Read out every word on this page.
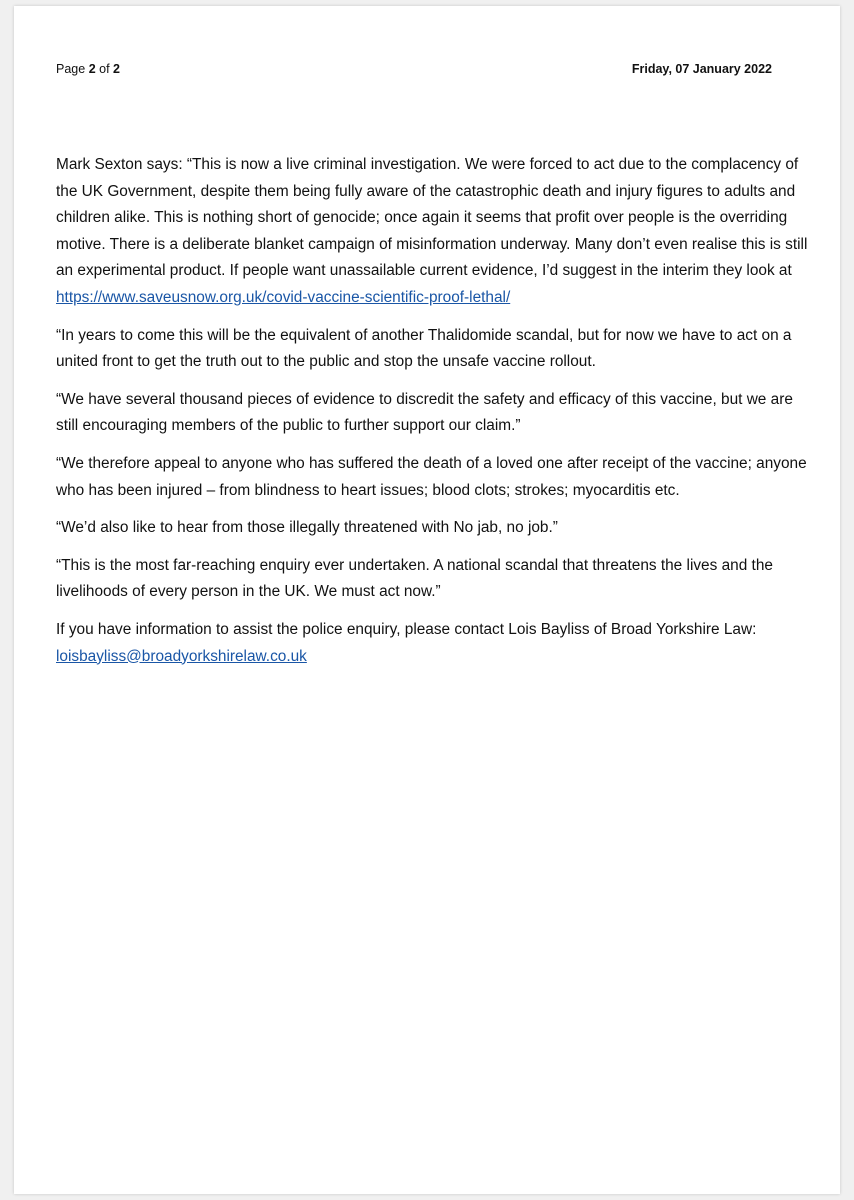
Page 2 of 2	Friday, 07 January 2022

Mark Sexton says: “This is now a live criminal investigation. We were forced to act due to the complacency of the UK Government, despite them being fully aware of the catastrophic death and injury figures to adults and children alike. This is nothing short of genocide; once again it seems that profit over people is the overriding motive. There is a deliberate blanket campaign of misinformation underway. Many don’t even realise this is still an experimental product. If people want unassailable current evidence, I’d suggest in the interim they look at https://www.saveusnow.org.uk/covid-vaccine-scientific-proof-lethal/

“In years to come this will be the equivalent of another Thalidomide scandal, but for now we have to act on a united front to get the truth out to the public and stop the unsafe vaccine rollout.

“We have several thousand pieces of evidence to discredit the safety and efficacy of this vaccine, but we are still encouraging members of the public to further support our claim.”

“We therefore appeal to anyone who has suffered the death of a loved one after receipt of the vaccine; anyone who has been injured – from blindness to heart issues; blood clots; strokes; myocarditis etc.

“We’d also like to hear from those illegally threatened with No jab, no job.”

“This is the most far-reaching enquiry ever undertaken. A national scandal that threatens the lives and the livelihoods of every person in the UK. We must act now.”

If you have information to assist the police enquiry, please contact Lois Bayliss of Broad Yorkshire Law: loisbayliss@broadyorkshirelaw.co.uk
